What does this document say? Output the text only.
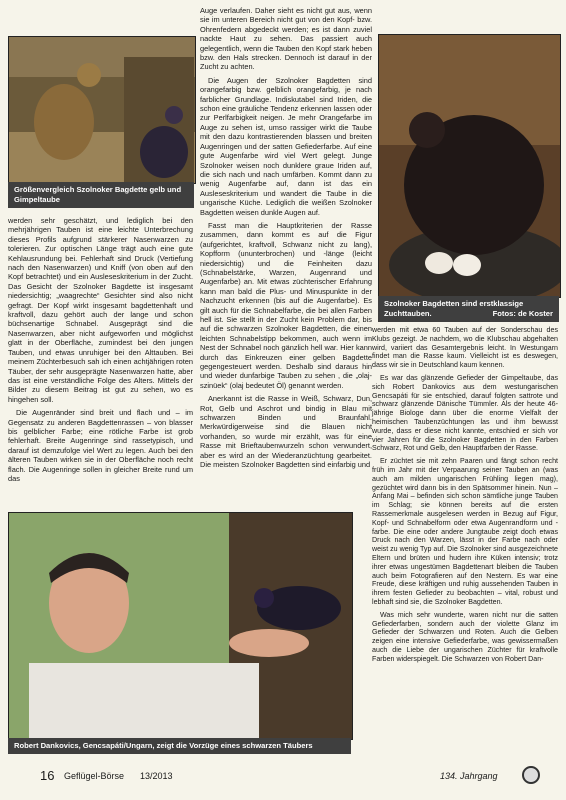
Größenvergleich Szolnoker Bagdette gelb und Gimpeltaube
Szolnoker Bagdetten sind erstklassige
Zuchttauben.	Fotos: de Koster
Robert Dankovics, Gencsapáti/Ungarn, zeigt die Vorzüge eines schwarzen Täubers

werden sehr geschätzt, und lediglich bei den mehrjährigen Tauben ist eine leichte Unterbrechung dieses Profils aufgrund stärkerer Nasenwarzen zu tolerieren. Zur optischen Länge trägt auch eine gute Kehlausrundung bei. Fehlerhaft sind Druck (Vertiefung nach den Nasenwarzen) und Kniff (von oben auf den Kopf betrachtet) und ein Ausleseskriterium in der Zucht. Das Gesicht der Szolnoker Bagdette ist insgesamt niedersichtig; „waagrechte“ Gesichter sind also nicht gefragt. Der Kopf wirkt insgesamt bagdettenhaft und kraftvoll, dazu gehört auch der lange und schon büchsenartige Schnabel. Ausgeprägt sind die Nasenwarzen, aber nicht aufgeworfen und möglichst glatt in der Oberfläche, zumindest bei den jungen Tauben, und etwas unruhiger bei den Alttauben. Bei meinem Züchterbesuch sah ich einen achtjährigen roten Täuber, der sehr ausgeprägte Nasenwarzen hatte, aber das ist eine verständliche Folge des Alters. Mittels der Bilder zu diesem Beitrag ist gut zu sehen, wo es hingehen soll.

Die Augenränder sind breit und flach und – im Gegensatz zu anderen Bagdettenrassen – von blasser bis gelblicher Farbe; eine rötliche Farbe ist grob fehlerhaft. Breite Augenringe sind rassetypisch, und darauf ist demzufolge viel Wert zu legen. Auch bei den älteren Tauben wirken sie in der Oberfläche noch recht flach. Die Augenringe sollen in gleicher Breite rund um das

Auge verlaufen. Daher sieht es nicht gut aus, wenn sie im unteren Bereich nicht gut von den Kopf- bzw. Ohrenfedern abgedeckt werden; es ist dann zuviel nackte Haut zu sehen. Das passiert auch gelegentlich, wenn die Tauben den Kopf stark heben bzw. den Hals strecken. Dennoch ist darauf in der Zucht zu achten.

Die Augen der Szolnoker Bagdetten sind orangefarbig bzw. gelblich orangefarbig, je nach farblicher Grundlage. Indiskutabel sind Iriden, die schon eine gräuliche Tendenz erkennen lassen oder zur Perlfarbigkeit neigen. Je mehr Orangefarbe im Auge zu sehen ist, umso rassiger wirkt die Taube mit den dazu kontrastierenden blassen und breiten Augenringen und der satten Gefiederfarbe. Auf eine gute Augenfarbe wird viel Wert gelegt. Junge Szolnoker weisen noch dunklere graue Iriden auf, die sich nach und nach umfärben. Kommt dann zu wenig Augenfarbe auf, dann ist das ein Ausleseskriterium und wandert die Taube in die ungarische Küche. Lediglich die weißen Szolnoker Bagdetten weisen dunkle Augen auf.

Fasst man die Hauptkriterien der Rasse zusammen, dann kommt es auf die Figur (aufgerichtet, kraftvoll, Schwanz nicht zu lang), Kopfform (ununterbrochen) und -länge (leicht niedersichtig) und die Feinheiten dazu (Schnabelstärke, Warzen, Augenrand und Augenfarbe) an. Mit etwas züchterischer Erfahrung kann man bald die Plus- und Minuspunkte in der Nachzucht erkennen (bis auf die Augenfarbe). Es gilt auch für die Schnabelfarbe, die bei allen Farben hell ist. Sie stellt in der Zucht kein Problem dar, bis auf die schwarzen Szolnoker Bagdetten, die einen leichten Schnabelstipp bekommen, auch wenn im Nest der Schnabel noch gänzlich hell war. Hier kann durch das Einkreuzen einer gelben Bagdette gegengesteuert werden. Deshalb sind daraus hin und wieder dunfarbige Tauben zu sehen , die „olaj-szinüek“ (olaj bedeutet Öl) genannt werden.

Anerkannt ist die Rasse in Weiß, Schwarz, Dun, Rot, Gelb und Aschrot und bindig in Blau mit schwarzen Binden und Braunfahl. Merkwürdigerweise sind die Blauen nicht vorhanden, so wurde mir erzählt, was für eine Rasse mit Brieftaubenwurzeln schon verwundert, aber es wird an der Wiederanzüchtung gearbeitet. Die meisten Szolnoker Bagdetten sind einfarbig und

werden mit etwa 60 Tauben auf der Sonderschau des Klubs gezeigt. Je nachdem, wo die Klubschau abgehalten wird, variiert das Gesamtergebnis leicht. In Westungarn findet man die Rasse kaum. Vielleicht ist es deswegen, dass wir sie in Deutschland kaum kennen.

Es war das glänzende Gefieder der Gimpeltaube, das sich Robert Dankovics aus dem westungarischen Gencsapáti für sie entschied, darauf folgten sattrote und schwarz glänzende Dänische Tümmler. Als der heute 46-jährige Biologe dann über die enorme Vielfalt der heimischen Taubenzüchtungen las und ihm bewusst wurde, dass er diese nicht kannte, entschied er sich vor vier Jahren für die Szolnoker Bagdetten in den Farben Schwarz, Rot und Gelb, den Hauptfarben der Rasse.

Er züchtet sie mit zehn Paaren und fängt schon recht früh im Jahr mit der Verpaarung seiner Tauben an (was auch am milden ungarischen Frühling liegen mag), gezüchtet wird dann bis in den Spätsommer hinein. Nun – Anfang Mai – befinden sich schon sämtliche junge Tauben im Schlag; sie können bereits auf die ersten Rassemerkmale ausgelesen werden in Bezug auf Figur, Kopf- und Schnabelform oder etwa Augenrandform und -farbe. Die eine oder andere Jungtaube zeigt doch etwas Druck nach den Warzen, lässt in der Farbe nach oder weist zu wenig Typ auf. Die Szolnoker sind ausgezeichnete Eltern und brüten und hudern ihre Küken intensiv; trotz ihrer etwas ungestümen Bagdettenart bleiben die Tauben auch beim Fotografieren auf den Nestern. Es war eine Freude, diese kräftigen und ruhig aussehenden Tauben in ihrem festen Gefieder zu beobachten – vital, robust und lebhaft sind sie, die Szolnoker Bagdetten.

Was mich sehr wunderte, waren nicht nur die satten Gefiederfarben, sondern auch der violette Glanz im Gefieder der Schwarzen und Roten. Auch die Gelben zeigen eine intensive Gefiederfarbe, was gewissermaßen auch die Liebe der ungarischen Züchter für kraftvolle Farben widerspiegelt. Die Schwarzen von Robert Dan-

16 Geflügel-Börse 13/2013	134. Jahrgang
